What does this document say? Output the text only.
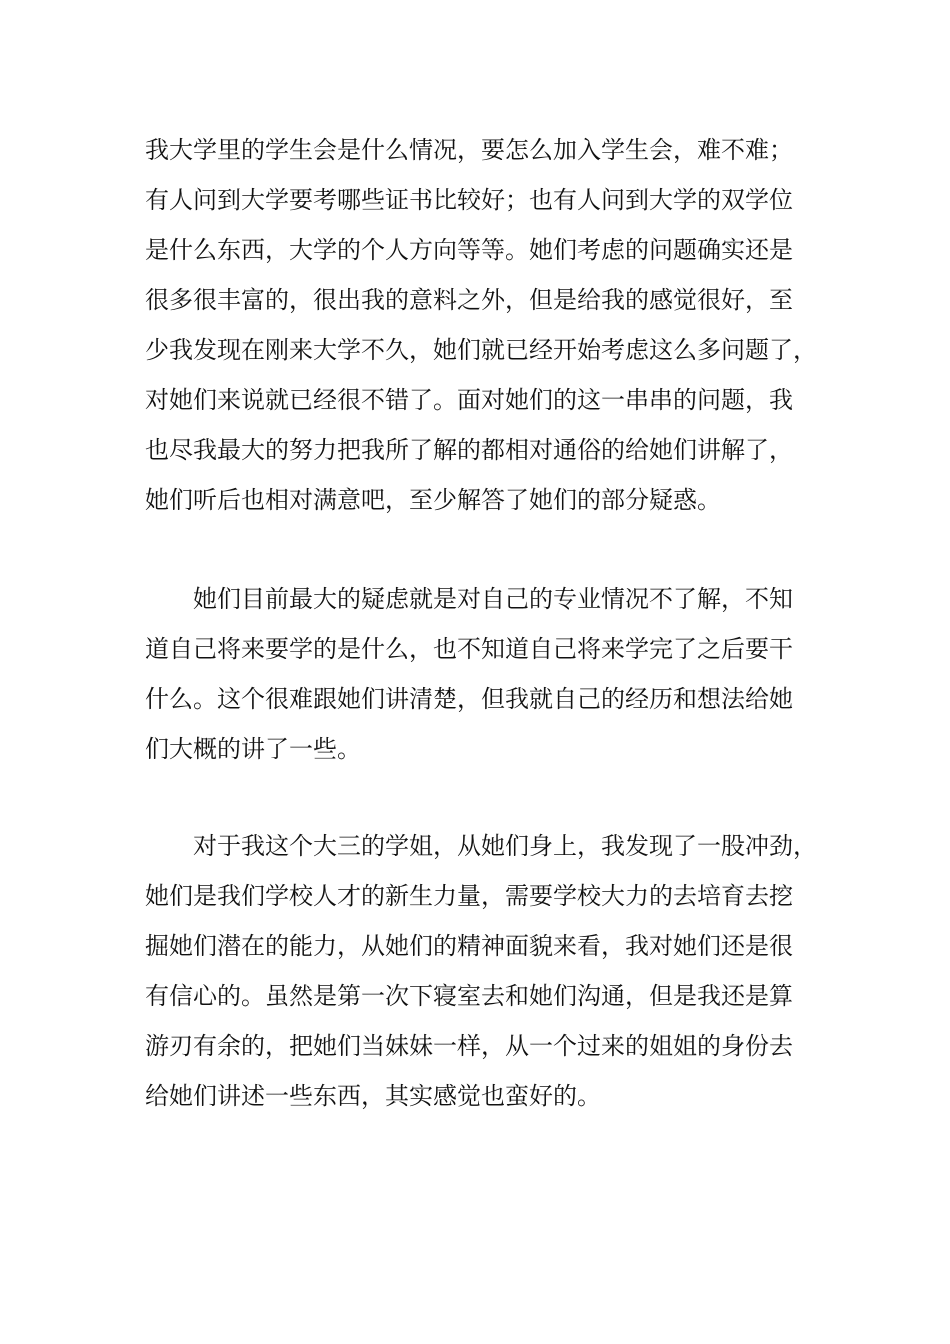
我大学里的学生会是什么情况，要怎么加入学生会，难不难；
有人问到大学要考哪些证书比较好；也有人问到大学的双学位
是什么东西，大学的个人方向等等。她们考虑的问题确实还是
很多很丰富的，很出我的意料之外，但是给我的感觉很好，至
少我发现在刚来大学不久，她们就已经开始考虑这么多问题了，
对她们来说就已经很不错了。面对她们的这一串串的问题，我
也尽我最大的努力把我所了解的都相对通俗的给她们讲解了，
她们听后也相对满意吧，至少解答了她们的部分疑惑。
她们目前最大的疑虑就是对自己的专业情况不了解，不知
道自己将来要学的是什么，也不知道自己将来学完了之后要干
什么。这个很难跟她们讲清楚，但我就自己的经历和想法给她
们大概的讲了一些。
对于我这个大三的学姐，从她们身上，我发现了一股冲劲，
她们是我们学校人才的新生力量，需要学校大力的去培育去挖
掘她们潜在的能力，从她们的精神面貌来看，我对她们还是很
有信心的。虽然是第一次下寝室去和她们沟通，但是我还是算
游刃有余的，把她们当妹妹一样，从一个过来的姐姐的身份去
给她们讲述一些东西，其实感觉也蛮好的。
